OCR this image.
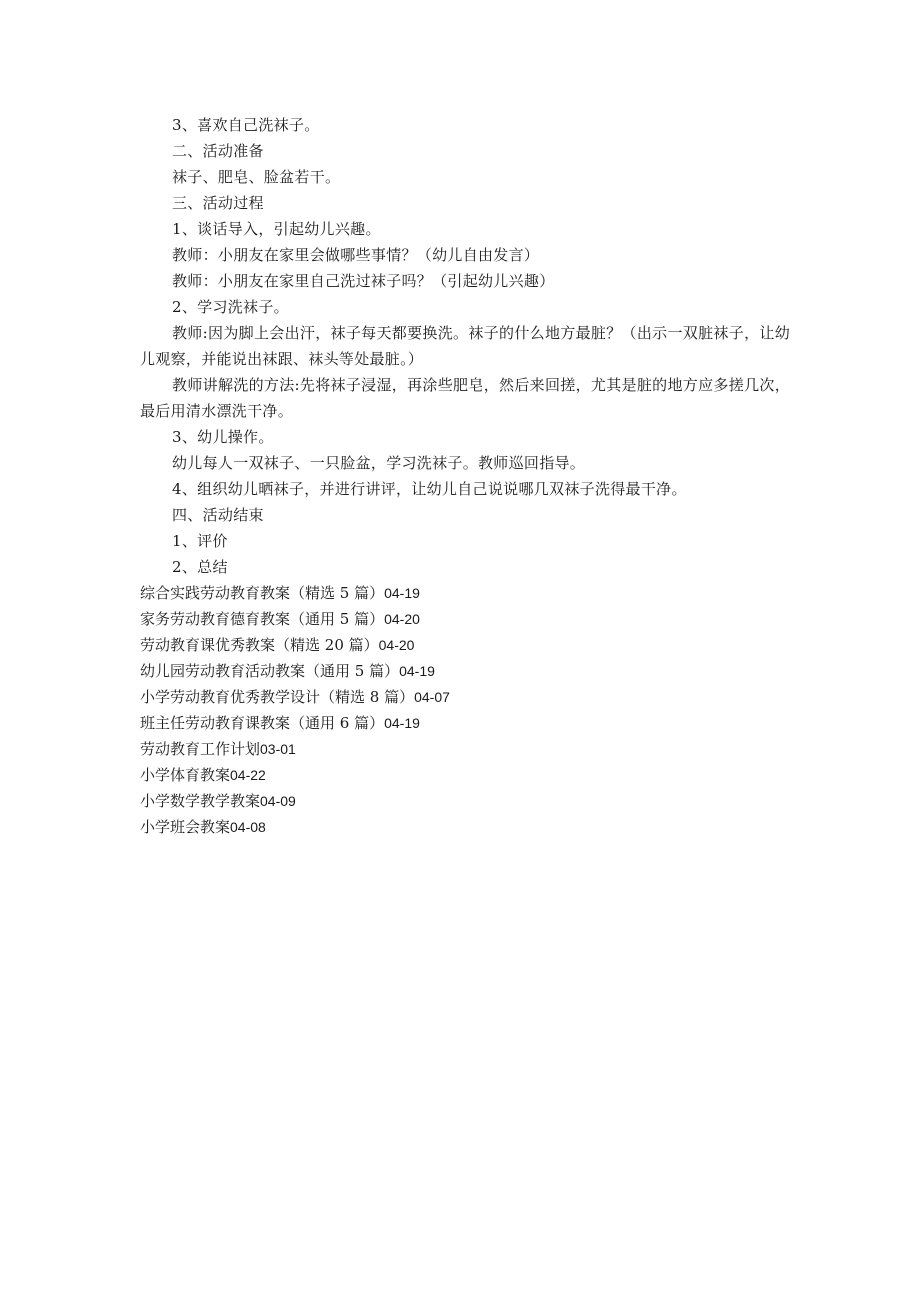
3、喜欢自己洗袜子。

二、活动准备

袜子、肥皂、脸盆若干。

三、活动过程

1、谈话导入，引起幼儿兴趣。

教师：小朋友在家里会做哪些事情？（幼儿自由发言）

教师：小朋友在家里自己洗过袜子吗？（引起幼儿兴趣）

2、学习洗袜子。

教师:因为脚上会出汗，袜子每天都要换洗。袜子的什么地方最脏？（出示一双脏袜子，让幼儿观察，并能说出袜跟、袜头等处最脏。）

教师讲解洗的方法:先将袜子浸湿，再涂些肥皂，然后来回搓，尤其是脏的地方应多搓几次，最后用清水漂洗干净。

3、幼儿操作。

幼儿每人一双袜子、一只脸盆，学习洗袜子。教师巡回指导。

4、组织幼儿晒袜子，并进行讲评，让幼儿自己说说哪几双袜子洗得最干净。

四、活动结束

1、评价

2、总结

综合实践劳动教育教案（精选 5 篇）04-19

家务劳动教育德育教案（通用 5 篇）04-20

劳动教育课优秀教案（精选 20 篇）04-20

幼儿园劳动教育活动教案（通用 5 篇）04-19

小学劳动教育优秀教学设计（精选 8 篇）04-07

班主任劳动教育课教案（通用 6 篇）04-19

劳动教育工作计划03-01

小学体育教案04-22

小学数学教学教案04-09

小学班会教案04-08
